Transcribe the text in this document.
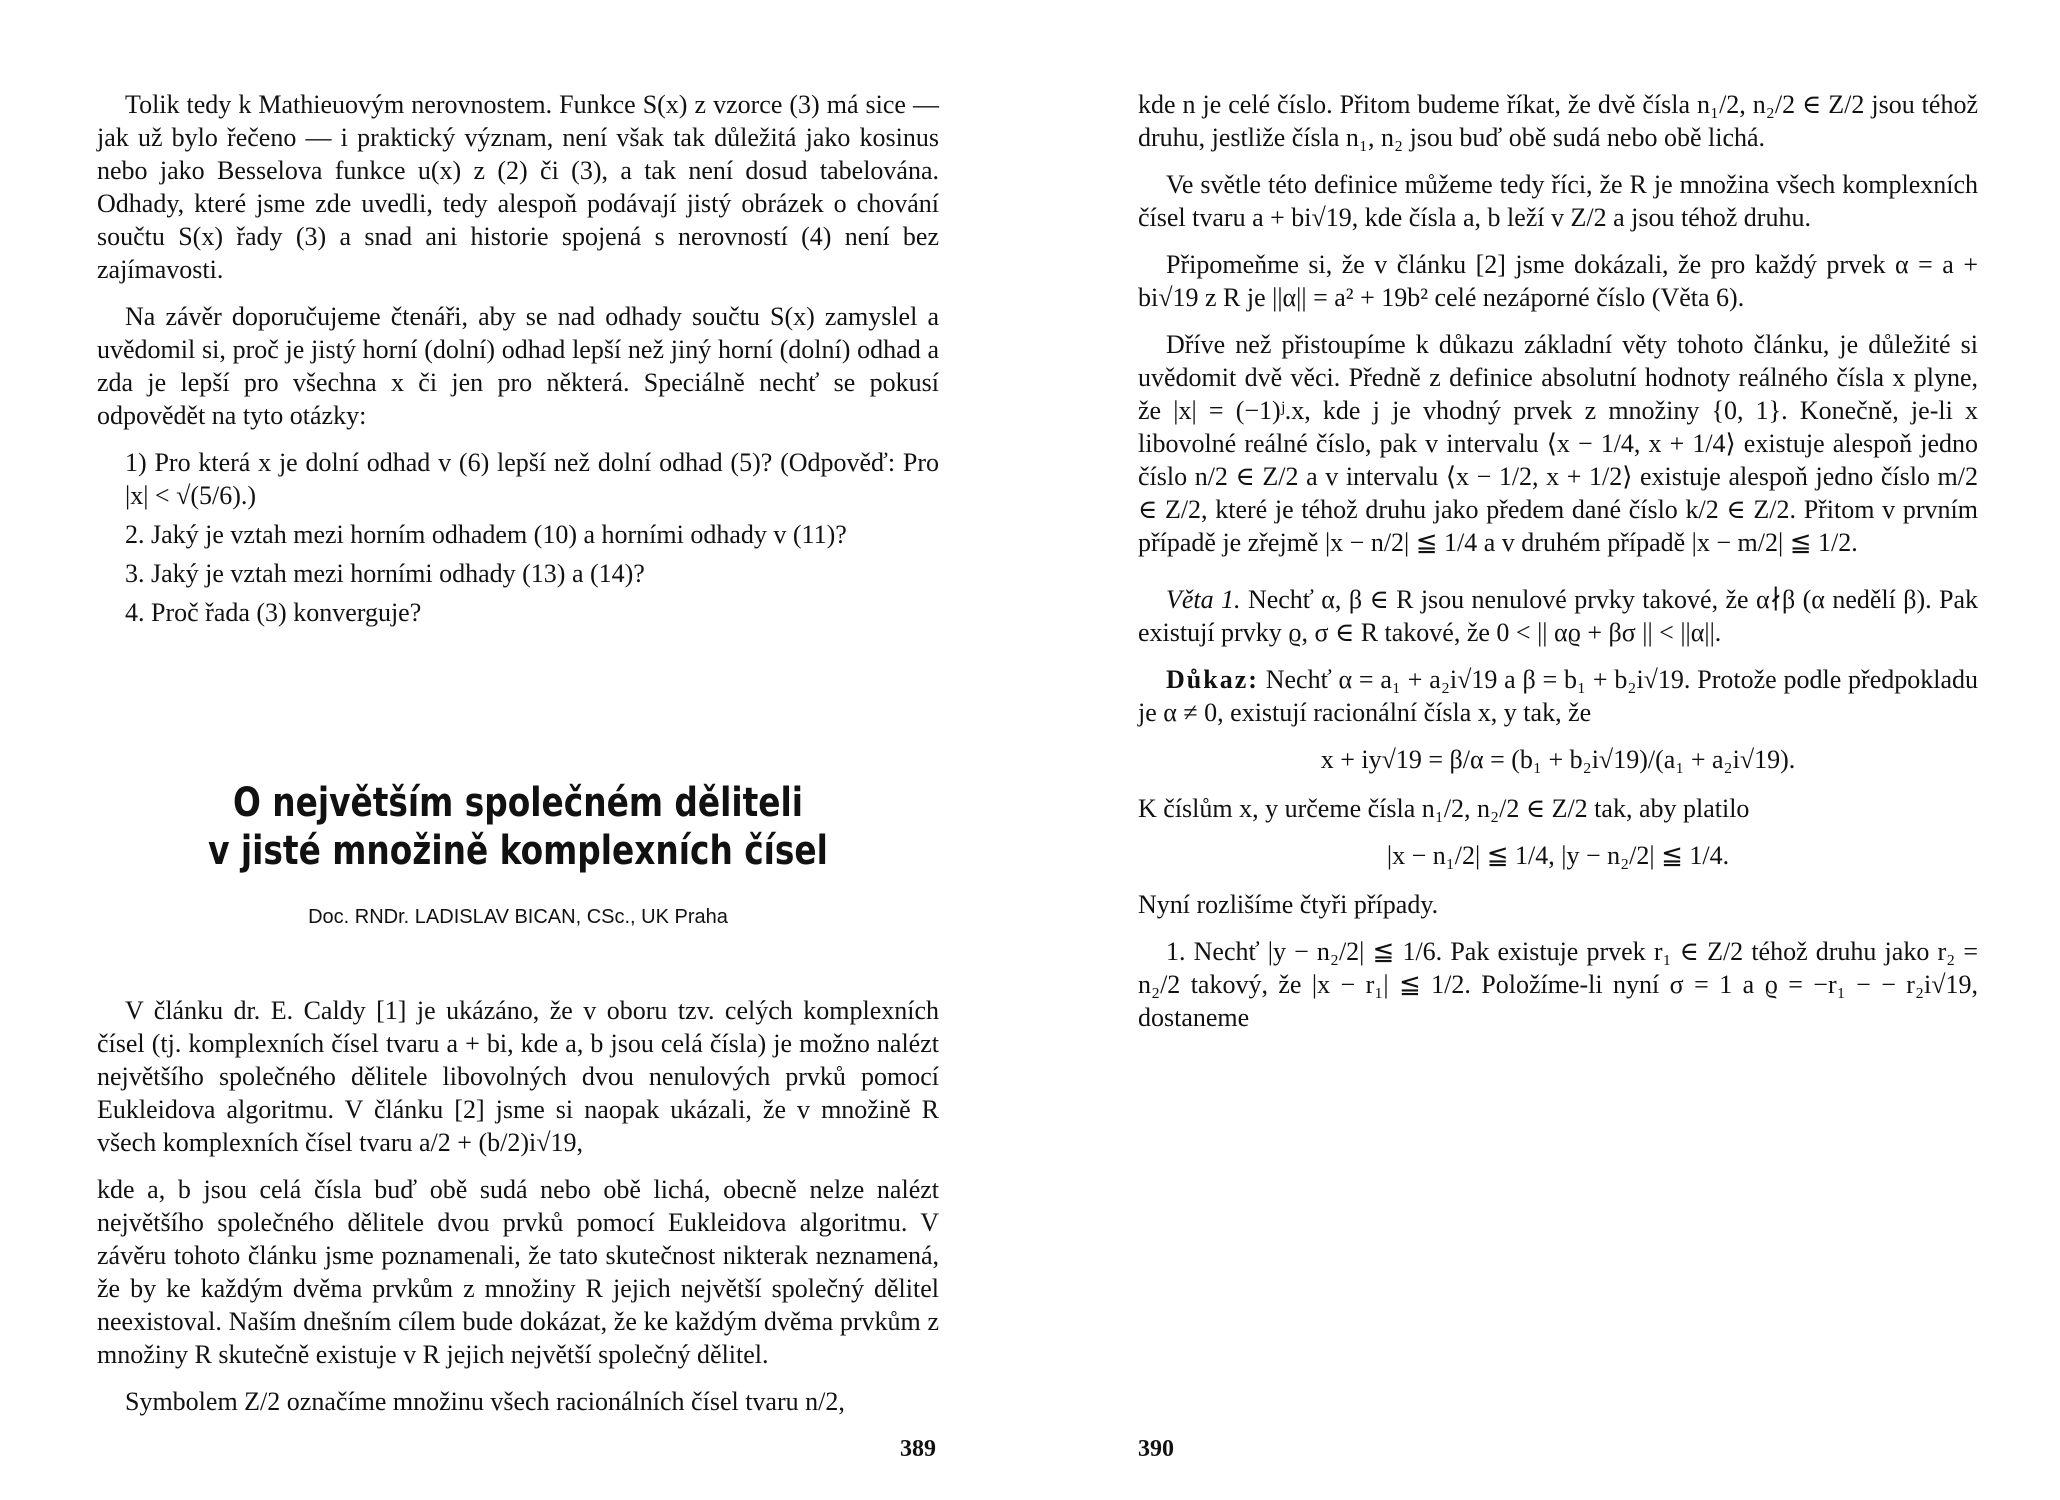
Tolik tedy k Mathieuovým nerovnostem. Funkce S(x) z vzorce (3) má sice — jak už bylo řečeno — i praktický význam, není však tak důležitá jako kosinus nebo jako Besselova funkce u(x) z (2) či (3), a tak není dosud tabelována. Odhady, které jsme zde uvedli, tedy alespoň podávají jistý obrázek o chování součtu S(x) řady (3) a snad ani historie spojená s nerovností (4) není bez zajímavosti.

Na závěr doporučujeme čtenáři, aby se nad odhady součtu S(x) zamyslel a uvědomil si, proč je jistý horní (dolní) odhad lepší než jiný horní (dolní) odhad a zda je lepší pro všechna x či jen pro některá. Speciálně nechť se pokusí odpovědět na tyto otázky:

1) Pro která x je dolní odhad v (6) lepší než dolní odhad (5)? (Odpověď: Pro |x| < √(5/6).)

2. Jaký je vztah mezi horním odhadem (10) a horními odhady v (11)?

3. Jaký je vztah mezi horními odhady (13) a (14)?

4. Proč řada (3) konverguje?

O největším společném děliteli
v jisté množině komplexních čísel
Doc. RNDr. LADISLAV BICAN, CSc., UK Praha

V článku dr. E. Caldy [1] je ukázáno, že v oboru tzv. celých komplexních čísel (tj. komplexních čísel tvaru a + bi, kde a, b jsou celá čísla) je možno nalézt největšího společného dělitele libovolných dvou nenulových prvků pomocí Eukleidova algoritmu. V článku [2] jsme si naopak ukázali, že v množině R všech komplexních čísel tvaru a/2 + (b/2)i√19,

kde a, b jsou celá čísla buď obě sudá nebo obě lichá, obecně nelze nalézt největšího společného dělitele dvou prvků pomocí Eukleidova algoritmu. V závěru tohoto článku jsme poznamenali, že tato skutečnost nikterak neznamená, že by ke každým dvěma prvkům z množiny R jejich největší společný dělitel neexistoval. Naším dnešním cílem bude dokázat, že ke každým dvěma prvkům z množiny R skutečně existuje v R jejich největší společný dělitel.

Symbolem Z/2 označíme množinu všech racionálních čísel tvaru n/2,

389

kde n je celé číslo. Přitom budeme říkat, že dvě čísla n₁/2, n₂/2 ∈ Z/2 jsou téhož druhu, jestliže čísla n₁, n₂ jsou buď obě sudá nebo obě lichá.

Ve světle této definice můžeme tedy říci, že R je množina všech komplexních čísel tvaru a + bi√19, kde čísla a, b leží v Z/2 a jsou téhož druhu.

Připomeňme si, že v článku [2] jsme dokázali, že pro každý prvek α = a + bi√19 z R je ||α|| = a² + 19b² celé nezáporné číslo (Věta 6).

Dříve než přistoupíme k důkazu základní věty tohoto článku, je důležité si uvědomit dvě věci. Předně z definice absolutní hodnoty reálného čísla x plyne, že |x| = (−1)ʲ.x, kde j je vhodný prvek z množiny {0, 1}. Konečně, je-li x libovolné reálné číslo, pak v intervalu ⟨x − 1/4, x + 1/4⟩ existuje alespoň jedno číslo n/2 ∈ Z/2 a v intervalu ⟨x − 1/2, x + 1/2⟩ existuje alespoň jedno číslo m/2 ∈ Z/2, které je téhož druhu jako předem dané číslo k/2 ∈ Z/2. Přitom v prvním případě je zřejmě |x − n/2| ≦ 1/4 a v druhém případě |x − m/2| ≦ 1/2.

Věta 1. Nechť α, β ∈ R jsou nenulové prvky takové, že α∤β (α nedělí β). Pak existují prvky ϱ, σ ∈ R takové, že 0 < || αϱ + βσ || < ||α||.

Důkaz: Nechť α = a₁ + a₂i√19 a β = b₁ + b₂i√19. Protože podle předpokladu je α ≠ 0, existují racionální čísla x, y tak, že

x + iy√19 = β/α = (b₁ + b₂i√19)/(a₁ + a₂i√19).

K číslům x, y určeme čísla n₁/2, n₂/2 ∈ Z/2 tak, aby platilo

|x − n₁/2| ≦ 1/4, |y − n₂/2| ≦ 1/4.

Nyní rozlišíme čtyři případy.

1. Nechť |y − n₂/2| ≦ 1/6. Pak existuje prvek r₁ ∈ Z/2 téhož druhu jako r₂ = n₂/2 takový, že |x − r₁| ≦ 1/2. Položíme-li nyní σ = 1 a ϱ = −r₁ − − r₂i√19, dostaneme

390
